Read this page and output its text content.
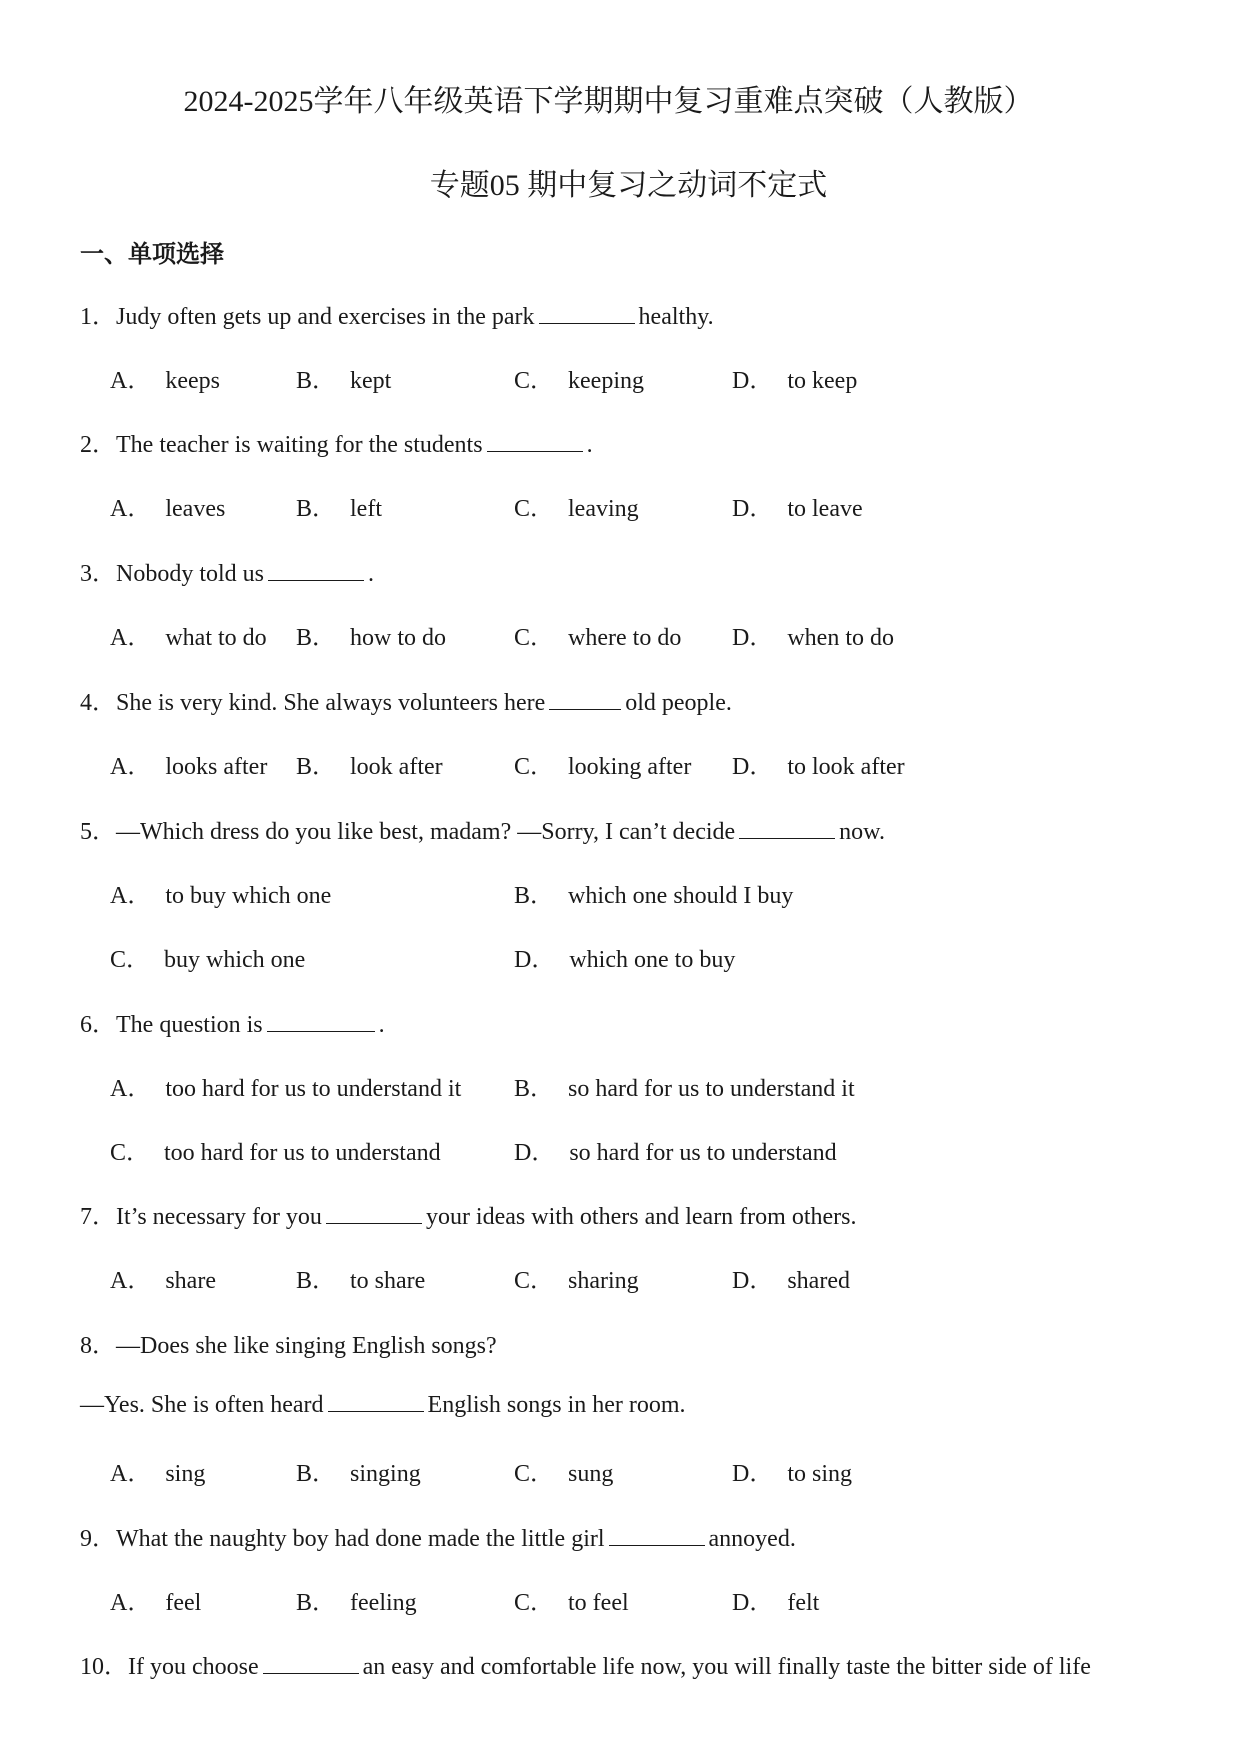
2024-2025学年八年级英语下学期期中复习重难点突破（人教版）
专题05 期中复习之动词不定式
一、单项选择
1．Judy often gets up and exercises in the park	healthy.
A． keeps	B． kept	C． keeping	D． to keep
2．The teacher is waiting for the students	.
A． leaves	B． left	C． leaving	D． to leave
3．Nobody told us	.
A． what to do B． how to do	C． where to do D． when to do
4．She is very kind. She always volunteers here	old people.
A． looks after B． look after	C． looking after D． to look after
5．—Which dress do you like best, madam? —Sorry, I can’t decide	now.
A． to buy which one	B． which one should I buy
C． buy which one	D． which one to buy
6．The question is	.
A． too hard for us to understand it B． so hard for us to understand it
C． too hard for us to understand	D． so hard for us to understand
7．It’s necessary for you	your ideas with others and learn from others.
A． share	B． to share	C． sharing	D． shared
8．—Does she like singing English songs?
—Yes. She is often heard	English songs in her room.
A． sing	B． singing	C． sung	D． to sing
9．What the naughty boy had done made the little girl	annoyed.
A． feel	B． feeling	C． to feel	D． felt
10．If you choose	an easy and comfortable life now, you will finally taste the bitter side of life
